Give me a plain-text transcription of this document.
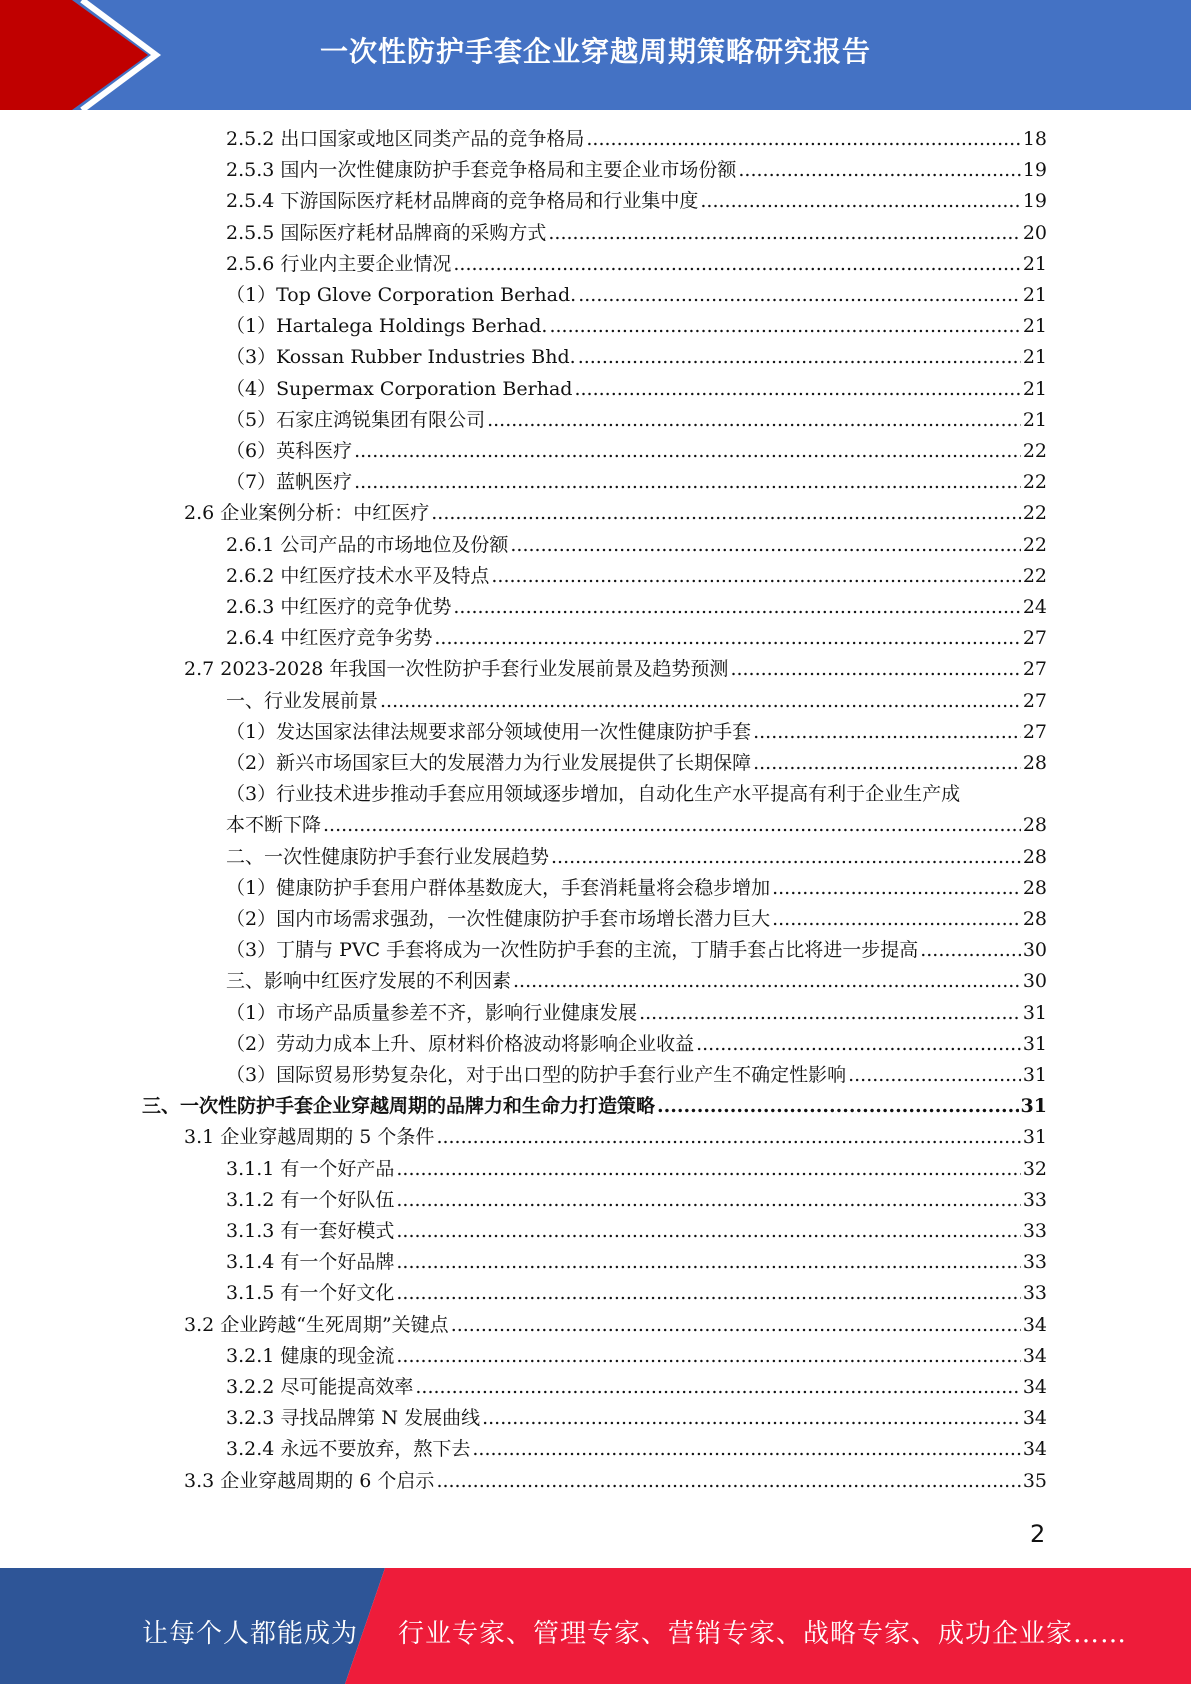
一次性防护手套企业穿越周期策略研究报告
2.5.2 出口国家或地区同类产品的竞争格局 .....	18
2.5.3 国内一次性健康防护手套竞争格局和主要企业市场份额 .....	19
2.5.4 下游国际医疗耗材品牌商的竞争格局和行业集中度 .....	19
2.5.5 国际医疗耗材品牌商的采购方式 .....	20
2.5.6 行业内主要企业情况 .....	21
（1）Top Glove Corporation Berhad. .....	21
（1）Hartalega Holdings Berhad. .....	21
（3）Kossan Rubber Industries Bhd. .....	21
（4）Supermax Corporation Berhad .....	21
（5）石家庄鸿锐集团有限公司 .....	21
（6）英科医疗 .....	22
（7）蓝帆医疗 .....	22
2.6 企业案例分析：中红医疗 .....	22
2.6.1 公司产品的市场地位及份额 .....	22
2.6.2 中红医疗技术水平及特点 .....	22
2.6.3 中红医疗的竞争优势 .....	24
2.6.4 中红医疗竞争劣势 .....	27
2.7 2023-2028 年我国一次性防护手套行业发展前景及趋势预测 .....	27
一、行业发展前景 .....	27
（1）发达国家法律法规要求部分领域使用一次性健康防护手套 .....	27
（2）新兴市场国家巨大的发展潜力为行业发展提供了长期保障 .....	28
（3）行业技术进步推动手套应用领域逐步增加，自动化生产水平提高有利于企业生产成
本不断下降 .....	28
二、一次性健康防护手套行业发展趋势 .....	28
（1）健康防护手套用户群体基数庞大，手套消耗量将会稳步增加 .....	28
（2）国内市场需求强劲，一次性健康防护手套市场增长潜力巨大 .....	28
（3）丁腈与 PVC 手套将成为一次性防护手套的主流，丁腈手套占比将进一步提高 .....	30
三、影响中红医疗发展的不利因素 .....	30
（1）市场产品质量参差不齐，影响行业健康发展 .....	31
（2）劳动力成本上升、原材料价格波动将影响企业收益 .....	31
（3）国际贸易形势复杂化，对于出口型的防护手套行业产生不确定性影响 .....	31
三、一次性防护手套企业穿越周期的品牌力和生命力打造策略 .....	31
3.1 企业穿越周期的 5 个条件 .....	31
3.1.1 有一个好产品 .....	32
3.1.2 有一个好队伍 .....	33
3.1.3 有一套好模式 .....	33
3.1.4 有一个好品牌 .....	33
3.1.5 有一个好文化 .....	33
3.2 企业跨越“生死周期”关键点 .....	34
3.2.1 健康的现金流 .....	34
3.2.2 尽可能提高效率 .....	34
3.2.3 寻找品牌第 N 发展曲线 .....	34
3.2.4 永远不要放弃，熬下去 .....	34
3.3 企业穿越周期的 6 个启示 .....	35
2
让每个人都能成为 行业专家、管理专家、营销专家、战略专家、成功企业家……
